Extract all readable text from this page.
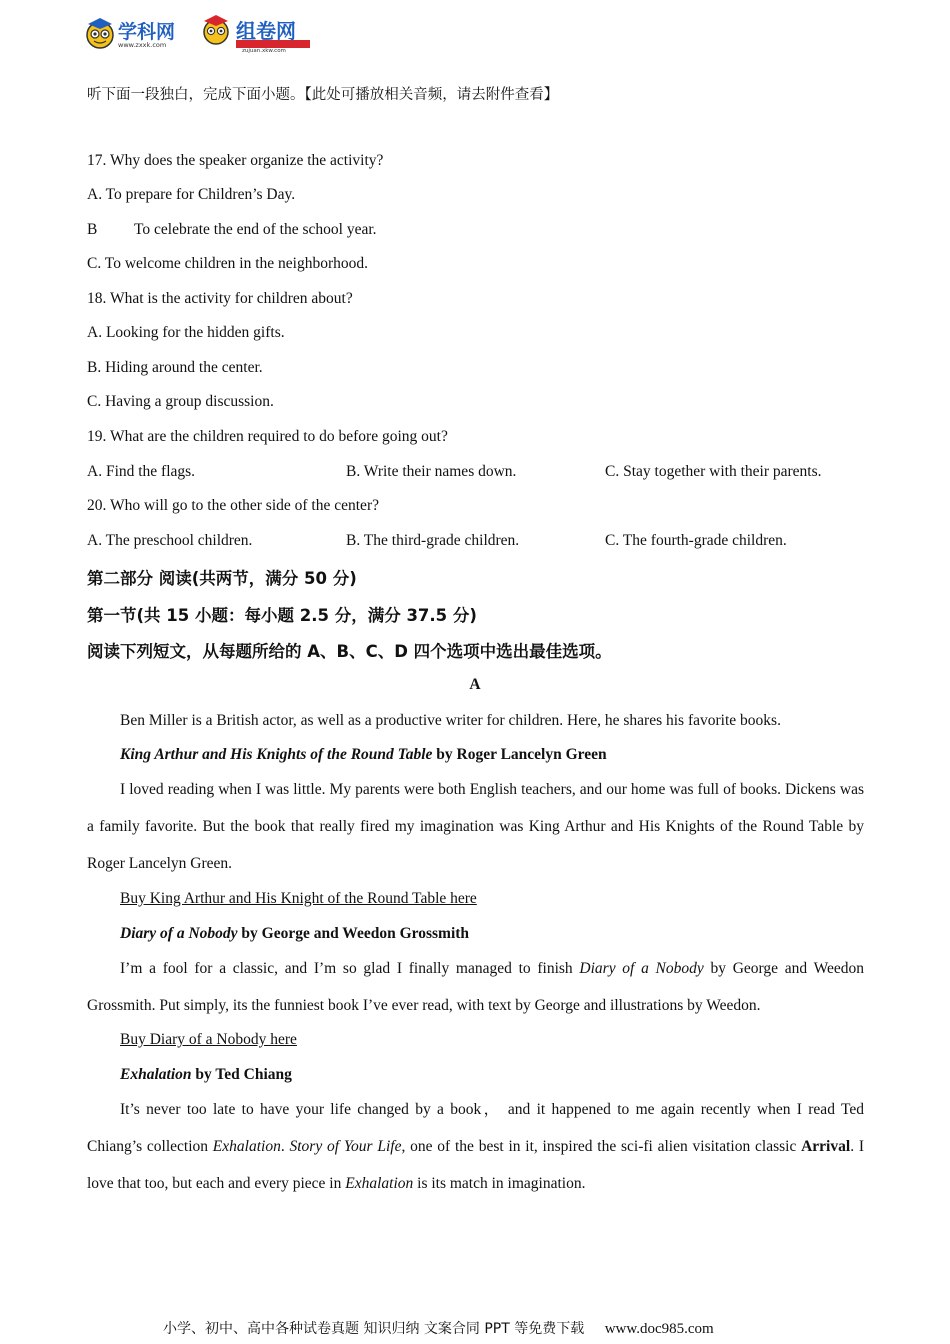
学科网
www.zxxk.com
组卷网
zujuan.xkw.com
听下面一段独白，完成下面小题。【此处可播放相关音频，请去附件查看】
17. Why does the speaker organize the activity?
A. To prepare for Children’s Day.
B To celebrate the end of the school year.
C. To welcome children in the neighborhood.
18. What is the activity for children about?
A. Looking for the hidden gifts.
B. Hiding around the center.
C. Having a group discussion.
19. What are the children required to do before going out?
A. Find the flags.	B. Write their names down.	C. Stay together with their parents.
20. Who will go to the other side of the center?
A. The preschool children.	B. The third-grade children.	C. The fourth-grade children.
第二部分 阅读(共两节，满分 50 分)
第一节(共 15 小题：每小题 2.5 分，满分 37.5 分)
阅读下列短文，从每题所给的 A、B、C、D 四个选项中选出最佳选项。
A
Ben Miller is a British actor, as well as a productive writer for children. Here, he shares his favorite books.
King Arthur and His Knights of the Round Table by Roger Lancelyn Green
I loved reading when I was little. My parents were both English teachers, and our home was full of books. Dickens was a family favorite. But the book that really fired my imagination was King Arthur and His Knights of the Round Table by Roger Lancelyn Green.
Buy King Arthur and His Knight of the Round Table here
Diary of a Nobody by George and Weedon Grossmith
I’m a fool for a classic, and I’m so glad I finally managed to finish Diary of a Nobody by George and Weedon Grossmith. Put simply, its the funniest book I’ve ever read, with text by George and illustrations by Weedon.
Buy Diary of a Nobody here
Exhalation by Ted Chiang
It’s never too late to have your life changed by a book， and it happened to me again recently when I read Ted Chiang’s collection Exhalation. Story of Your Life, one of the best in it, inspired the sci-fi alien visitation classic Arrival. I love that too, but each and every piece in Exhalation is its match in imagination.
小学、初中、高中各种试卷真题 知识归纳 文案合同 PPT 等免费下载 www.doc985.com
